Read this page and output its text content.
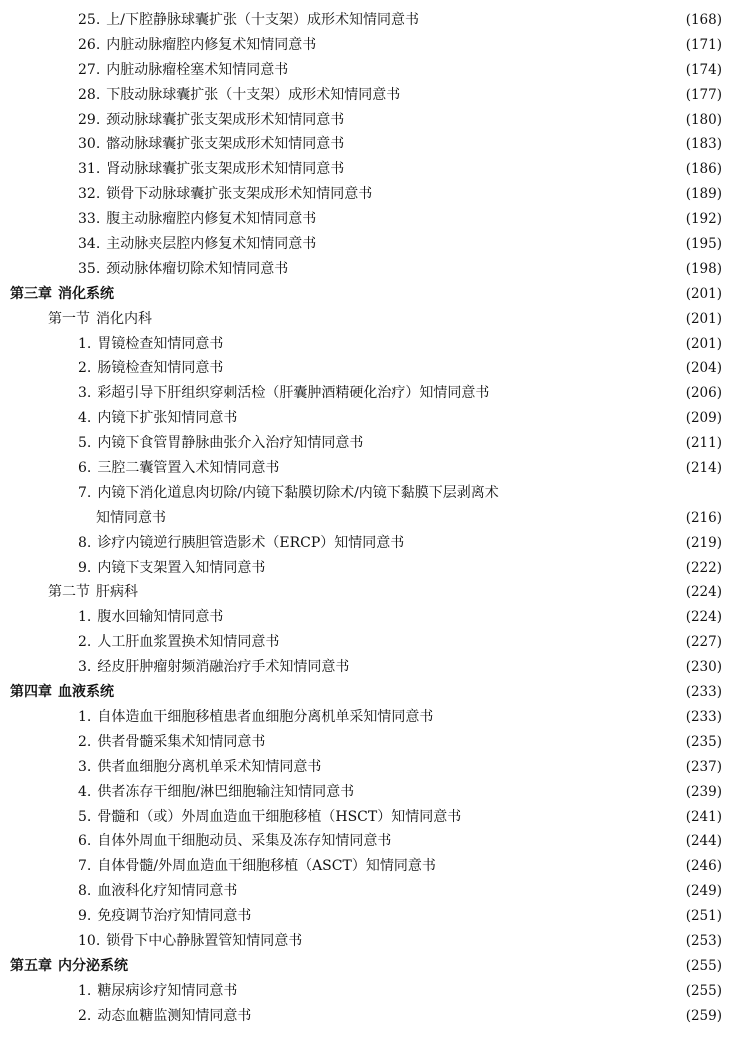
25. 上/下腔静脉球囊扩张（十支架）成形术知情同意书	(168)
26. 内脏动脉瘤腔内修复术知情同意书	(171)
27. 内脏动脉瘤栓塞术知情同意书	(174)
28. 下肢动脉球囊扩张（十支架）成形术知情同意书	(177)
29. 颈动脉球囊扩张支架成形术知情同意书	(180)
30. 髂动脉球囊扩张支架成形术知情同意书	(183)
31. 肾动脉球囊扩张支架成形术知情同意书	(186)
32. 锁骨下动脉球囊扩张支架成形术知情同意书	(189)
33. 腹主动脉瘤腔内修复术知情同意书	(192)
34. 主动脉夹层腔内修复术知情同意书	(195)
35. 颈动脉体瘤切除术知情同意书	(198)
第三章 消化系统	(201)
第一节 消化内科	(201)
1. 胃镜检查知情同意书	(201)
2. 肠镜检查知情同意书	(204)
3. 彩超引导下肝组织穿刺活检（肝囊肿酒精硬化治疗）知情同意书	(206)
4. 内镜下扩张知情同意书	(209)
5. 内镜下食管胃静脉曲张介入治疗知情同意书	(211)
6. 三腔二囊管置入术知情同意书	(214)
7. 内镜下消化道息肉切除/内镜下黏膜切除术/内镜下黏膜下层剥离术
知情同意书	(216)
8. 诊疗内镜逆行胰胆管造影术（ERCP）知情同意书	(219)
9. 内镜下支架置入知情同意书	(222)
第二节 肝病科	(224)
1. 腹水回输知情同意书	(224)
2. 人工肝血浆置换术知情同意书	(227)
3. 经皮肝肿瘤射频消融治疗手术知情同意书	(230)
第四章 血液系统	(233)
1. 自体造血干细胞移植患者血细胞分离机单采知情同意书	(233)
2. 供者骨髓采集术知情同意书	(235)
3. 供者血细胞分离机单采术知情同意书	(237)
4. 供者冻存干细胞/淋巴细胞输注知情同意书	(239)
5. 骨髓和（或）外周血造血干细胞移植（HSCT）知情同意书	(241)
6. 自体外周血干细胞动员、采集及冻存知情同意书	(244)
7. 自体骨髓/外周血造血干细胞移植（ASCT）知情同意书	(246)
8. 血液科化疗知情同意书	(249)
9. 免疫调节治疗知情同意书	(251)
10. 锁骨下中心静脉置管知情同意书	(253)
第五章 内分泌系统	(255)
1. 糖尿病诊疗知情同意书	(255)
2. 动态血糖监测知情同意书	(259)
